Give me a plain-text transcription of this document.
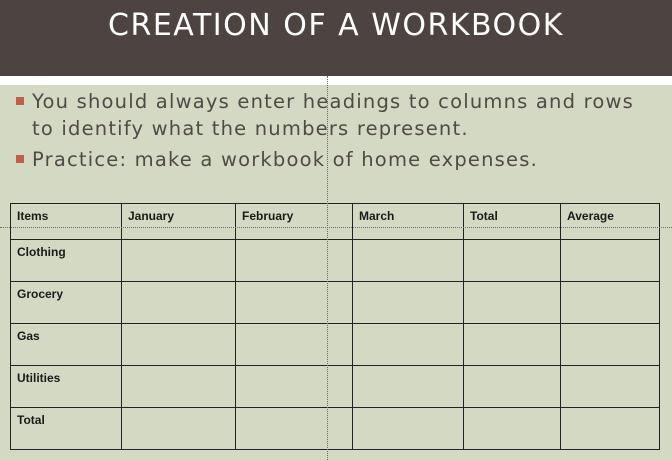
CREATION OF A WORKBOOK
You should always enter headings to columns and rows to identify what the numbers represent.
Practice: make a workbook of home expenses.
Items	January	February	March	Total	Average
Clothing					
Grocery					
Gas					
Utilities					
Total					
